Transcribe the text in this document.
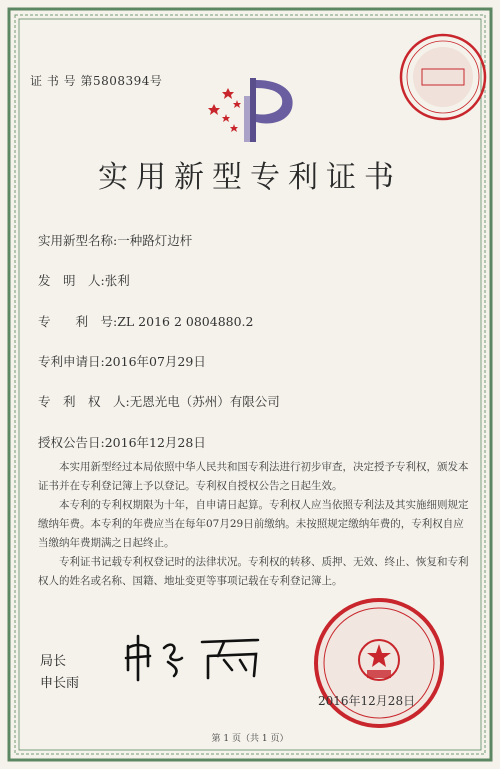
证 书 号 第5808394号
实用新型专利证书
实用新型名称:一种路灯边杆
发　明　人:张利
专　　利　号:ZL 2016 2 0804880.2
专利申请日:2016年07月29日
专　利　权　人:无恩光电（苏州）有限公司
授权公告日:2016年12月28日

本实用新型经过本局依照中华人民共和国专利法进行初步审查，决定授予专利权，颁发本证书并在专利登记簿上予以登记。专利权自授权公告之日起生效。

本专利的专利权期限为十年，自申请日起算。专利权人应当依照专利法及其实施细则规定缴纳年费。本专利的年费应当在每年07月29日前缴纳。未按照规定缴纳年费的，专利权自应当缴纳年费期满之日起终止。

专利证书记载专利权登记时的法律状况。专利权的转移、质押、无效、终止、恢复和专利权人的姓名或名称、国籍、地址变更等事项记载在专利登记簿上。

局长
申长雨
2016年12月28日
第 1 页（共 1 页）
